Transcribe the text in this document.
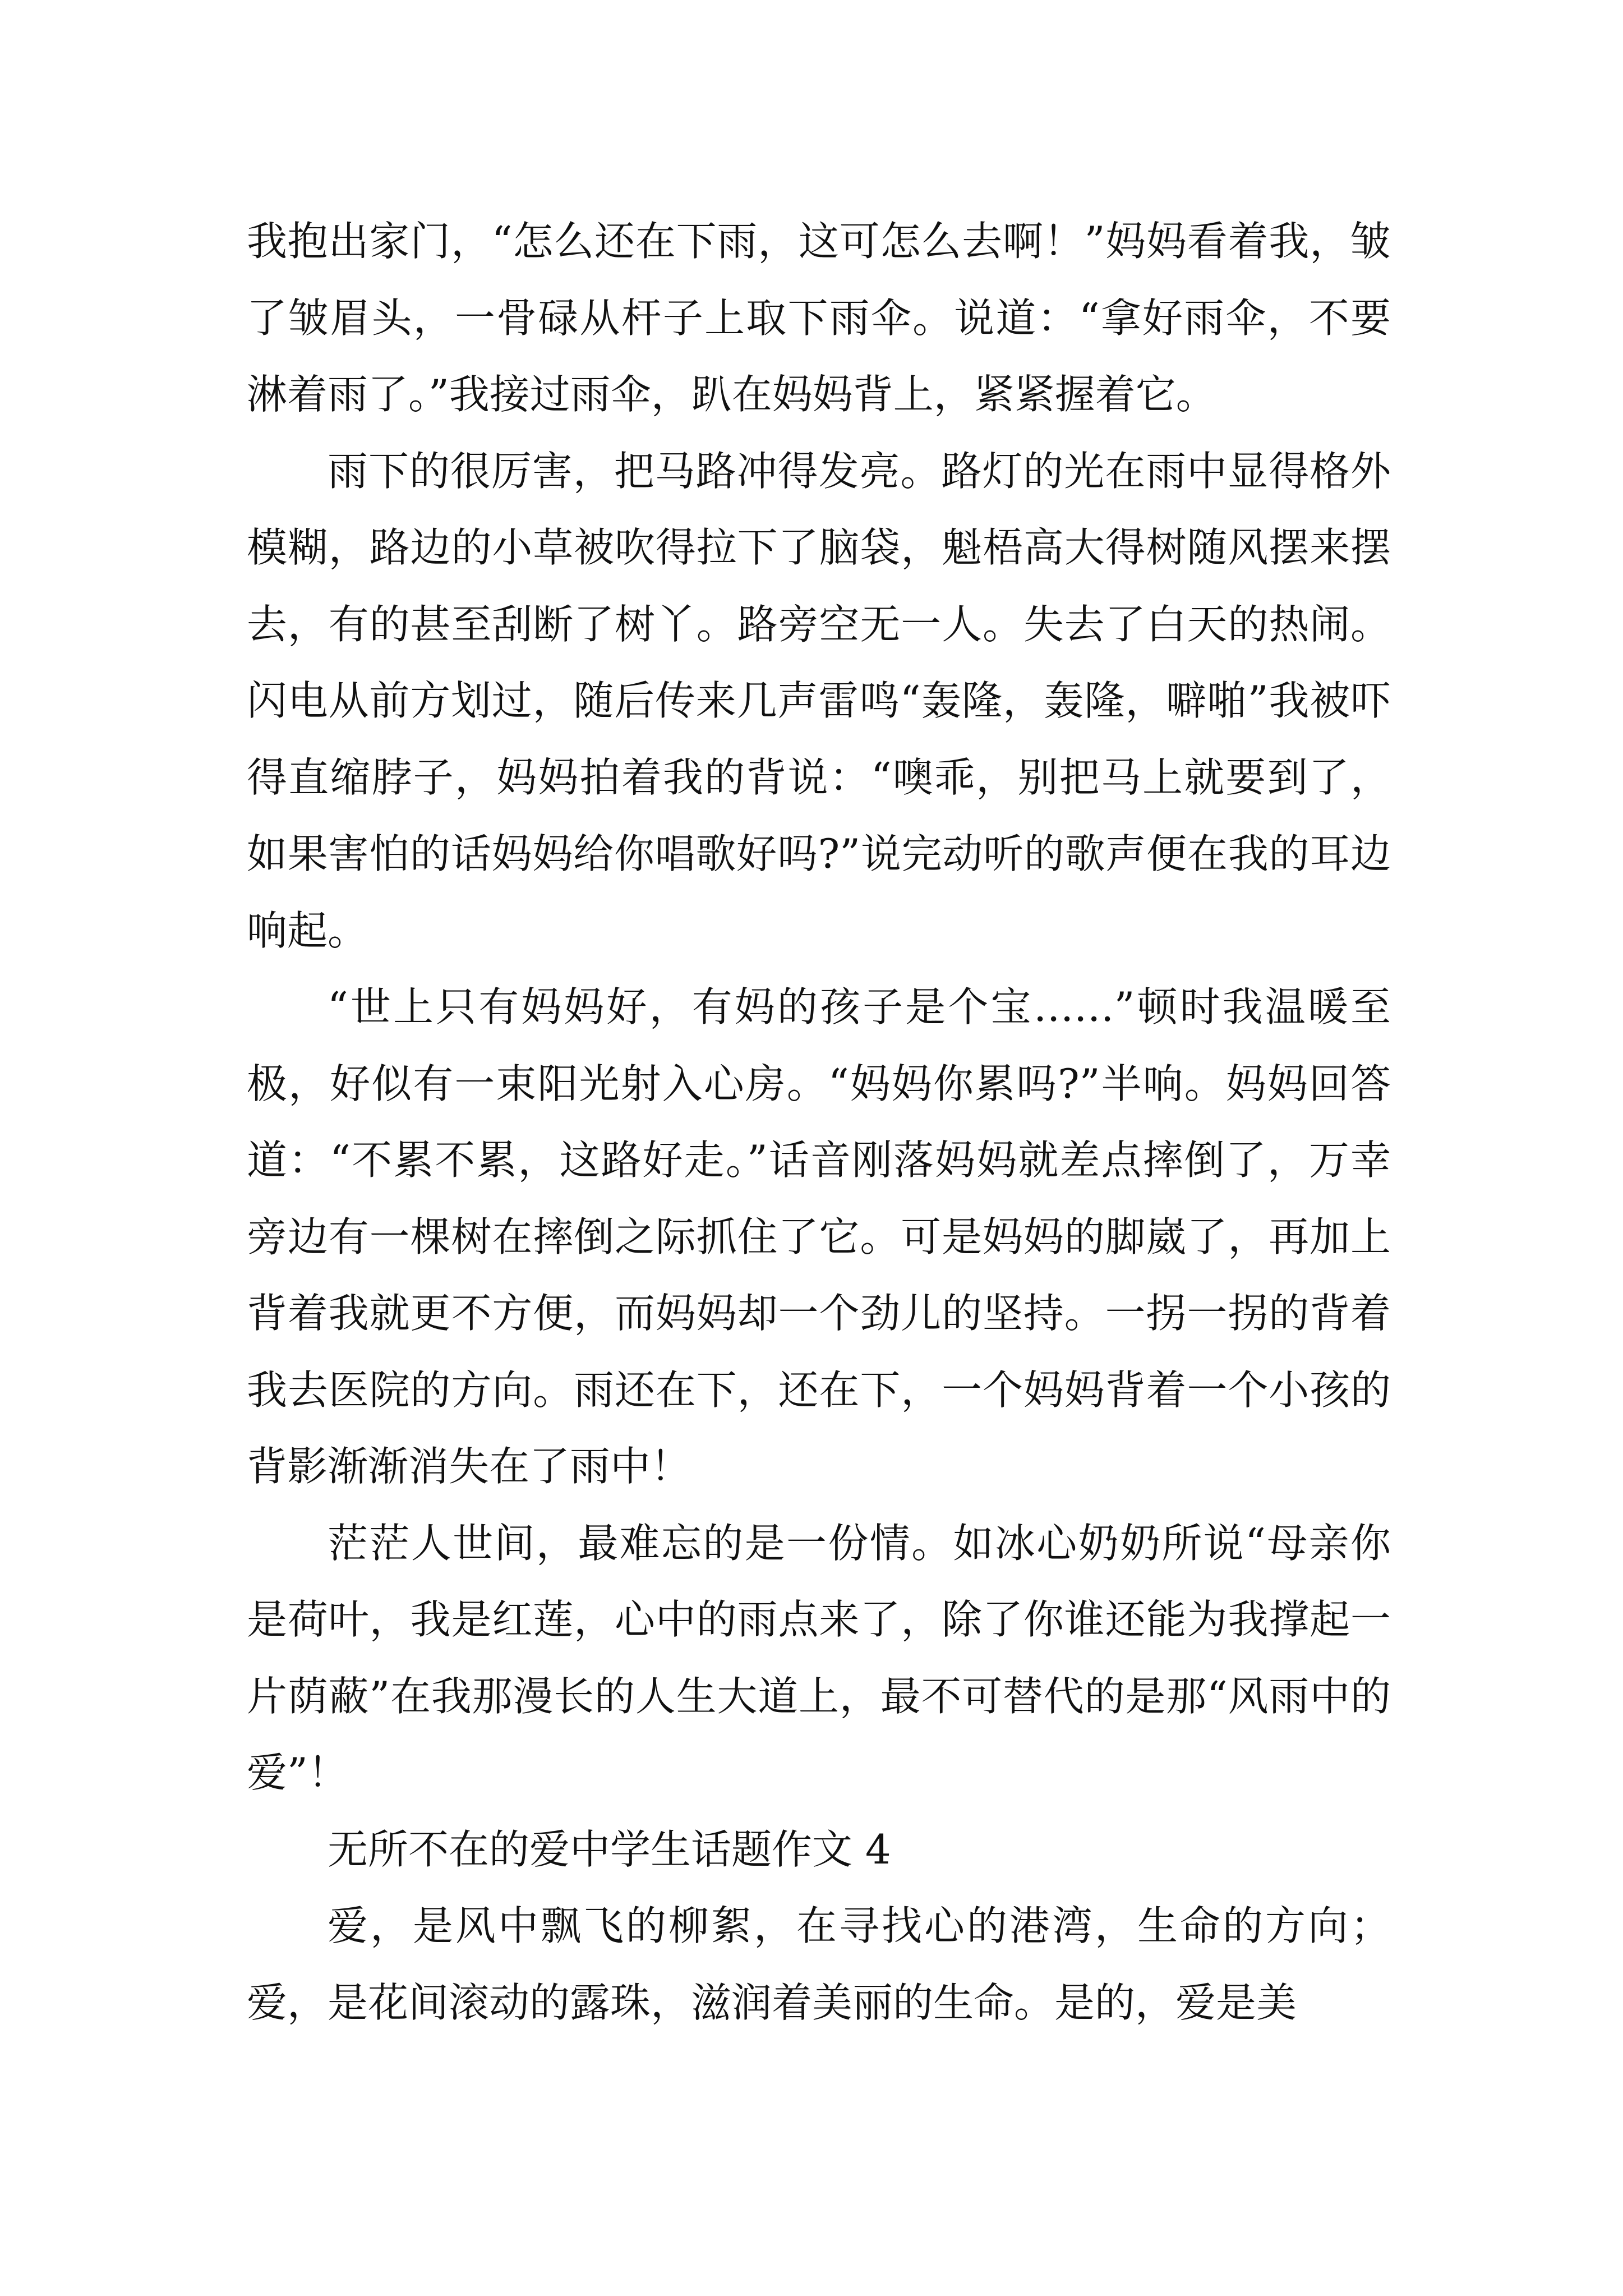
我抱出家门，“怎么还在下雨，这可怎么去啊！”妈妈看着我，皱了皱眉头，一骨碌从杆子上取下雨伞。说道：“拿好雨伞，不要淋着雨了。”我接过雨伞，趴在妈妈背上，紧紧握着它。

雨下的很厉害，把马路冲得发亮。路灯的光在雨中显得格外模糊，路边的小草被吹得拉下了脑袋，魁梧高大得树随风摆来摆去，有的甚至刮断了树丫。路旁空无一人。失去了白天的热闹。闪电从前方划过，随后传来几声雷鸣“轰隆，轰隆，噼啪”我被吓得直缩脖子，妈妈拍着我的背说：“噢乖，别把马上就要到了，如果害怕的话妈妈给你唱歌好吗?”说完动听的歌声便在我的耳边响起。

“世上只有妈妈好，有妈的孩子是个宝……”顿时我温暖至极，好似有一束阳光射入心房。“妈妈你累吗?”半响。妈妈回答道：“不累不累，这路好走。”话音刚落妈妈就差点摔倒了，万幸旁边有一棵树在摔倒之际抓住了它。可是妈妈的脚崴了，再加上背着我就更不方便，而妈妈却一个劲儿的坚持。一拐一拐的背着我去医院的方向。雨还在下，还在下，一个妈妈背着一个小孩的背影渐渐消失在了雨中！

茫茫人世间，最难忘的是一份情。如冰心奶奶所说“母亲你是荷叶，我是红莲，心中的雨点来了，除了你谁还能为我撑起一片荫蔽”在我那漫长的人生大道上，最不可替代的是那“风雨中的爱”！

无所不在的爱中学生话题作文 4

爱，是风中飘飞的柳絮，在寻找心的港湾，生命的方向；爱，是花间滚动的露珠，滋润着美丽的生命。是的，爱是美
